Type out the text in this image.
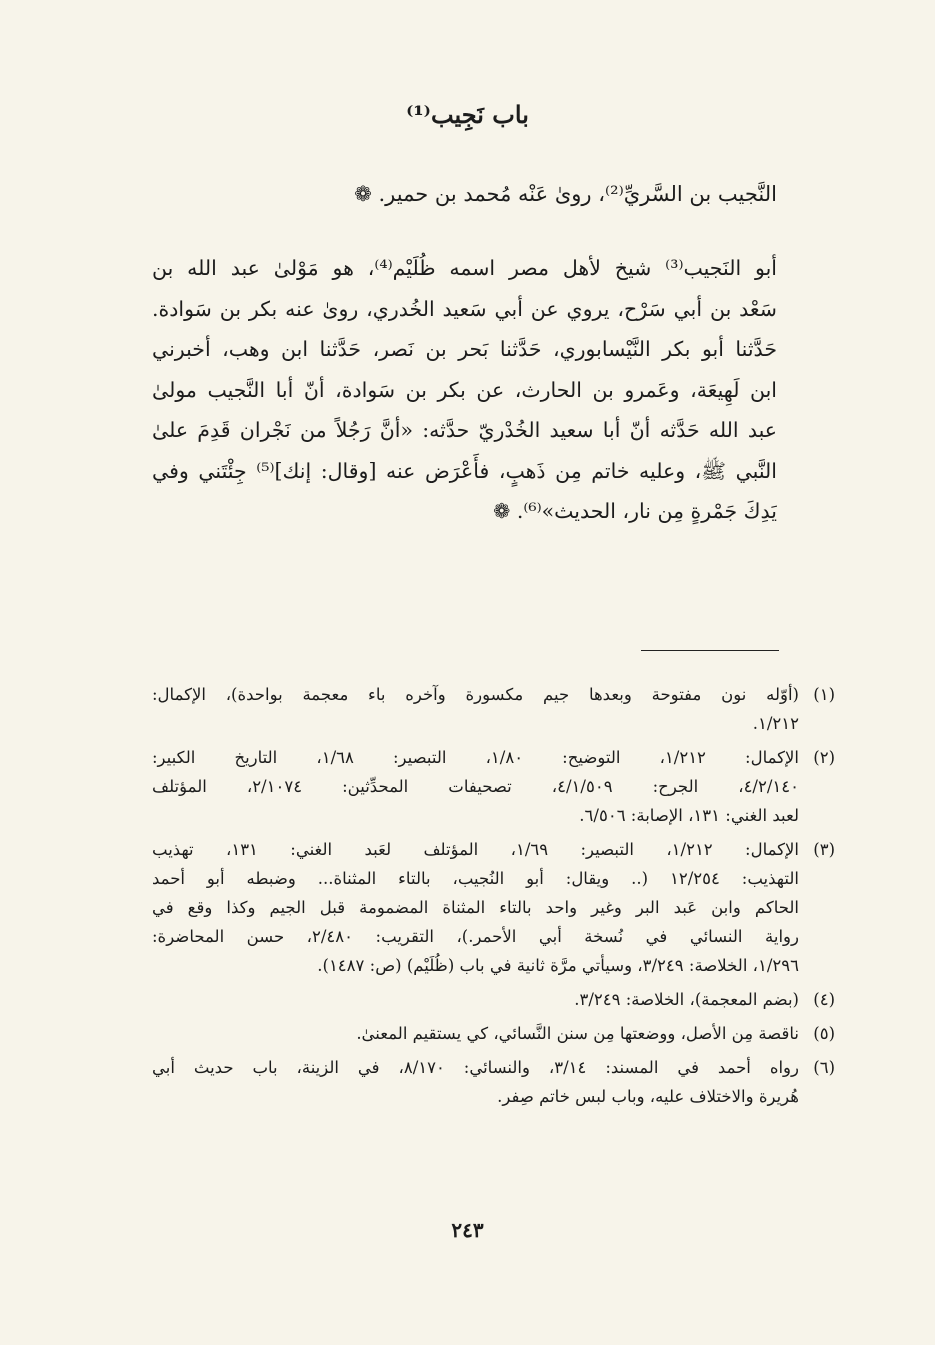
باب نَجِيب⁽¹⁾
النَّجيب بن السَّريِّ⁽²⁾، روىٰ عَنْه مُحمد بن حمير. ❁
أبو النَجيب⁽³⁾ شيخ لأهل مصر اسمه ظُلَيْم⁽⁴⁾، هو مَوْلىٰ عبد الله بن
سَعْد بن أبي سَرْح، يروي عن أبي سَعيد الخُدري، روىٰ عنه بكر بن سَوادة.
حَدَّثنا أبو بكر النَّيْسابوري، حَدَّثنا بَحر بن نَصر، حَدَّثنا ابن وهب، أخبرني
ابن لَهِيعَة، وعَمرو بن الحارث، عن بكر بن سَوادة، أنّ أبا النَّجيب مولىٰ
عبد الله حَدَّثه أنّ أبا سعيد الخُدْريّ حدَّثه: «أنَّ رَجُلاً من نَجْران قَدِمَ علىٰ
النَّبي ﷺ، وعليه خاتم مِن ذَهبٍ، فأَعْرَض عنه [وقال: إنك]⁽⁵⁾ جِئْتَني وفي
يَدِكَ جَمْرةٍ مِن نار، الحديث»⁽⁶⁾. ❁
(١)
(أوّله نون مفتوحة وبعدها جيم مكسورة وآخره باء معجمة بواحدة)، الإكمال:
١/٢١٢.
(٢)
الإكمال: ١/٢١٢، التوضيح: ١/٨٠، التبصير: ١/٦٨، التاريخ الكبير:
٤/٢/١٤٠، الجرح: ٤/١/٥٠٩، تصحيفات المحدِّثين: ٢/١٠٧٤، المؤتلف
لعبد الغني: ١٣١، الإصابة: ٦/٥٠٦.
(٣)
الإكمال: ١/٢١٢، التبصير: ١/٦٩، المؤتلف لعَبد الغني: ١٣١، تهذيب
التهذيب: ١٢/٢٥٤ (.. ويقال: أبو النُجيب، بالتاء المثناة... وضبطه أبو أحمد
الحاكم وابن عَبد البر وغير واحد بالتاء المثناة المضمومة قبل الجيم وكذا وقع في
رواية النسائي في نُسخة أبي الأحمر.)، التقريب: ٢/٤٨٠، حسن المحاضرة:
١/٢٩٦، الخلاصة: ٣/٢٤٩، وسيأتي مرَّة ثانية في باب (ظُلَيْم) (ص: ١٤٨٧).
(٤)
(بضم المعجمة)، الخلاصة: ٣/٢٤٩.
(٥)
ناقصة مِن الأصل، ووضعتها مِن سنن النَّسائي، كي يستقيم المعنىٰ.
(٦)
رواه أحمد في المسند: ٣/١٤، والنسائي: ٨/١٧٠، في الزينة، باب حديث أبي
هُريرة والاختلاف عليه، وباب لبس خاتم صِفر.
٢٤٣
